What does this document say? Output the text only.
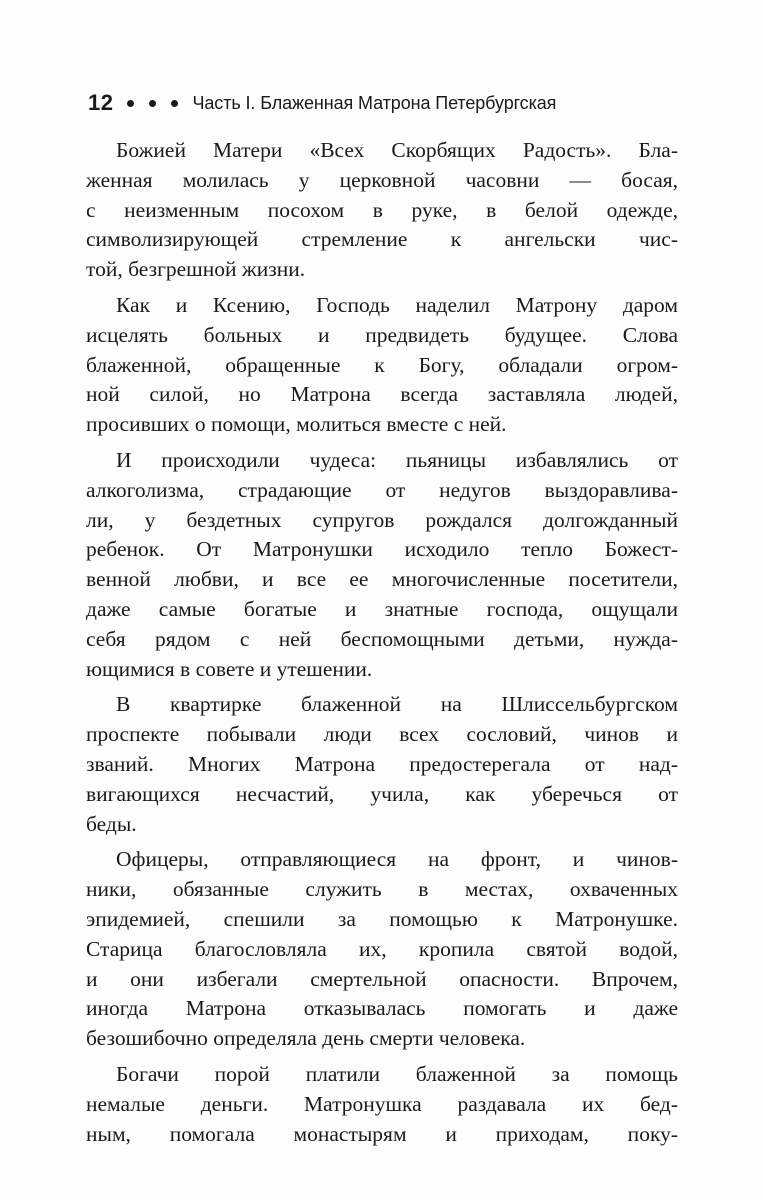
12	Часть I. Блаженная Матрона Петербургская
Божией Матери «Всех Скорбящих Радость». Бла-
женная молилась у церковной часовни — босая,
с неизменным посохом в руке, в белой одежде,
символизирующей стремление к ангельски чис-
той, безгрешной жизни.
Как и Ксению, Господь наделил Матрону даром
исцелять больных и предвидеть будущее. Слова
блаженной, обращенные к Богу, обладали огром-
ной силой, но Матрона всегда заставляла людей,
просивших о помощи, молиться вместе с ней.
И происходили чудеса: пьяницы избавлялись от
алкоголизма, страдающие от недугов выздоравлива-
ли, у бездетных супругов рождался долгожданный
ребенок. От Матронушки исходило тепло Божест-
венной любви, и все ее многочисленные посетители,
даже самые богатые и знатные господа, ощущали
себя рядом с ней беспомощными детьми, нужда-
ющимися в совете и утешении.
В квартирке блаженной на Шлиссельбургском
проспекте побывали люди всех сословий, чинов и
званий. Многих Матрона предостерегала от над-
вигающихся несчастий, учила, как уберечься от
беды.
Офицеры, отправляющиеся на фронт, и чинов-
ники, обязанные служить в местах, охваченных
эпидемией, спешили за помощью к Матронушке.
Старица благословляла их, кропила святой водой,
и они избегали смертельной опасности. Впрочем,
иногда Матрона отказывалась помогать и даже
безошибочно определяла день смерти человека.
Богачи порой платили блаженной за помощь
немалые деньги. Матронушка раздавала их бед-
ным, помогала монастырям и приходам, поку-
